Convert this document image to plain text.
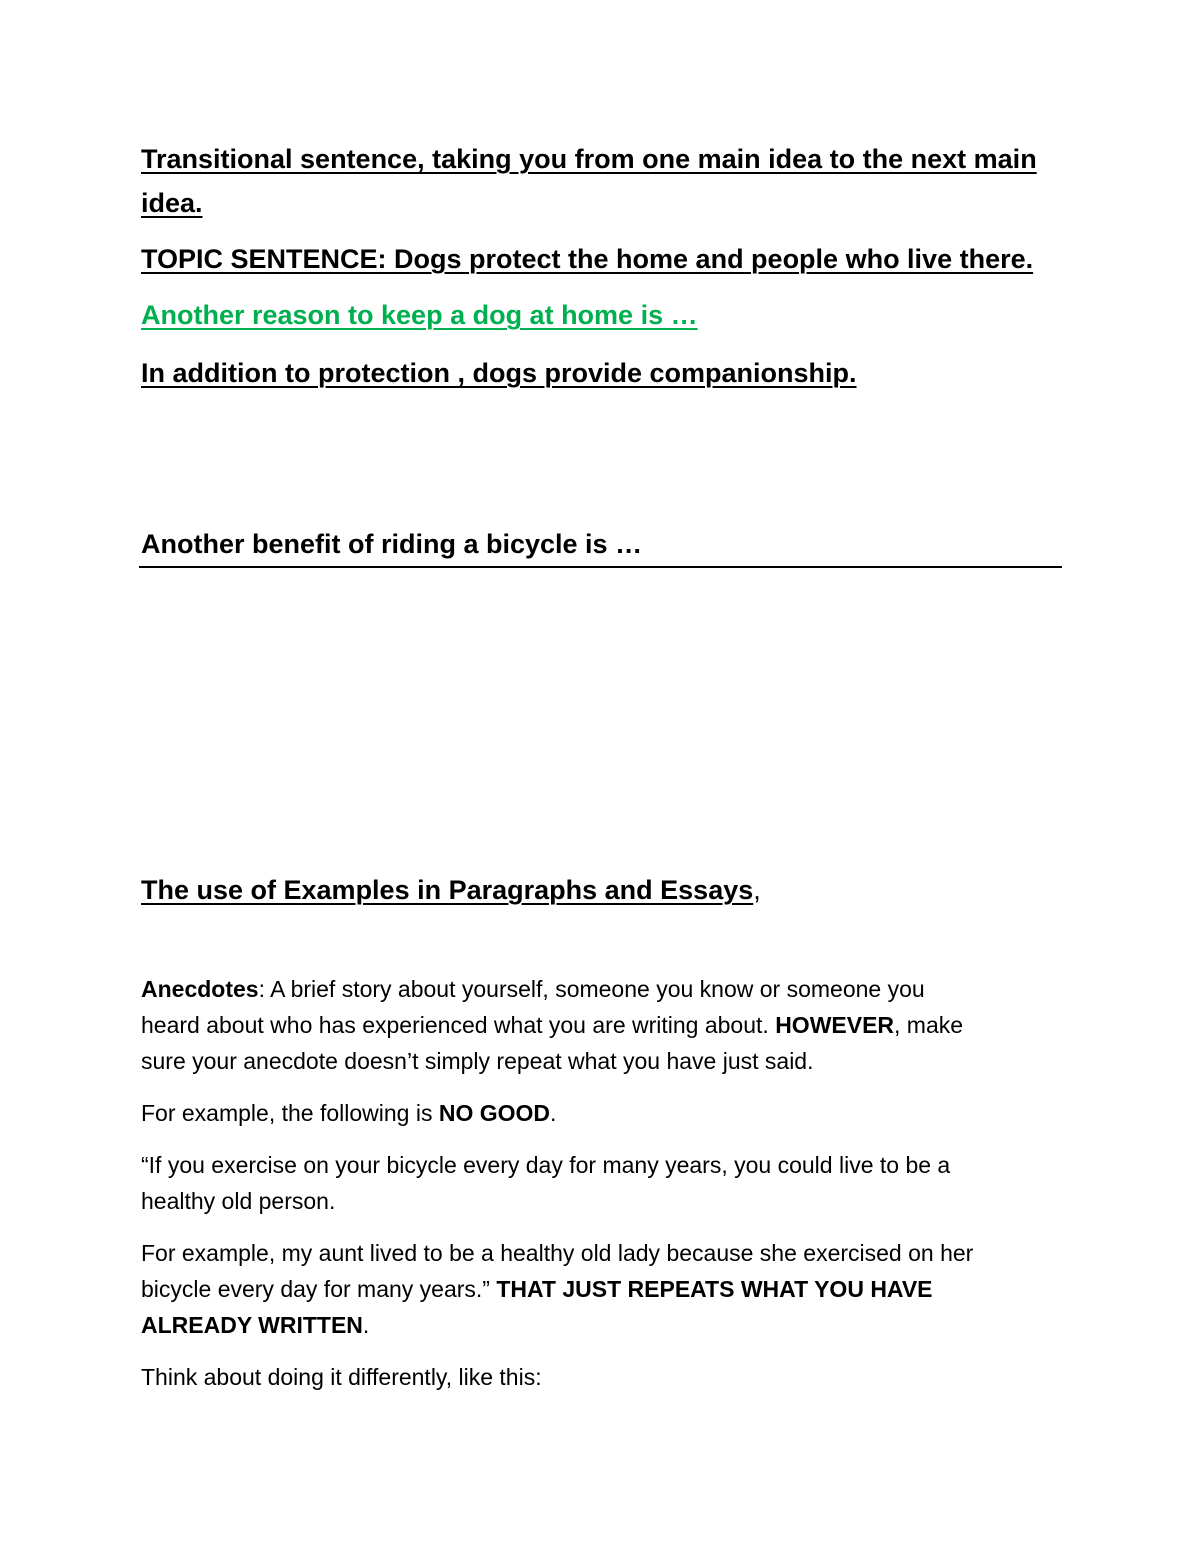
Transitional sentence, taking you from one main idea to the next main

idea.

TOPIC SENTENCE: Dogs protect the home and people who live there.

Another reason to keep a dog at home is …

In addition to protection , dogs provide companionship.

Another benefit of riding a bicycle is …

The use of Examples in Paragraphs and Essays,

Anecdotes: A brief story about yourself, someone you know or someone you

heard about who has experienced what you are writing about. HOWEVER, make

sure your anecdote doesn’t simply repeat what you have just said.

For example, the following is NO GOOD.

“If you exercise on your bicycle every day for many years, you could live to be a

healthy old person.

For example, my aunt lived to be a healthy old lady because she exercised on her

bicycle every day for many years.” THAT JUST REPEATS WHAT YOU HAVE

ALREADY WRITTEN.

Think about doing it differently, like this:
